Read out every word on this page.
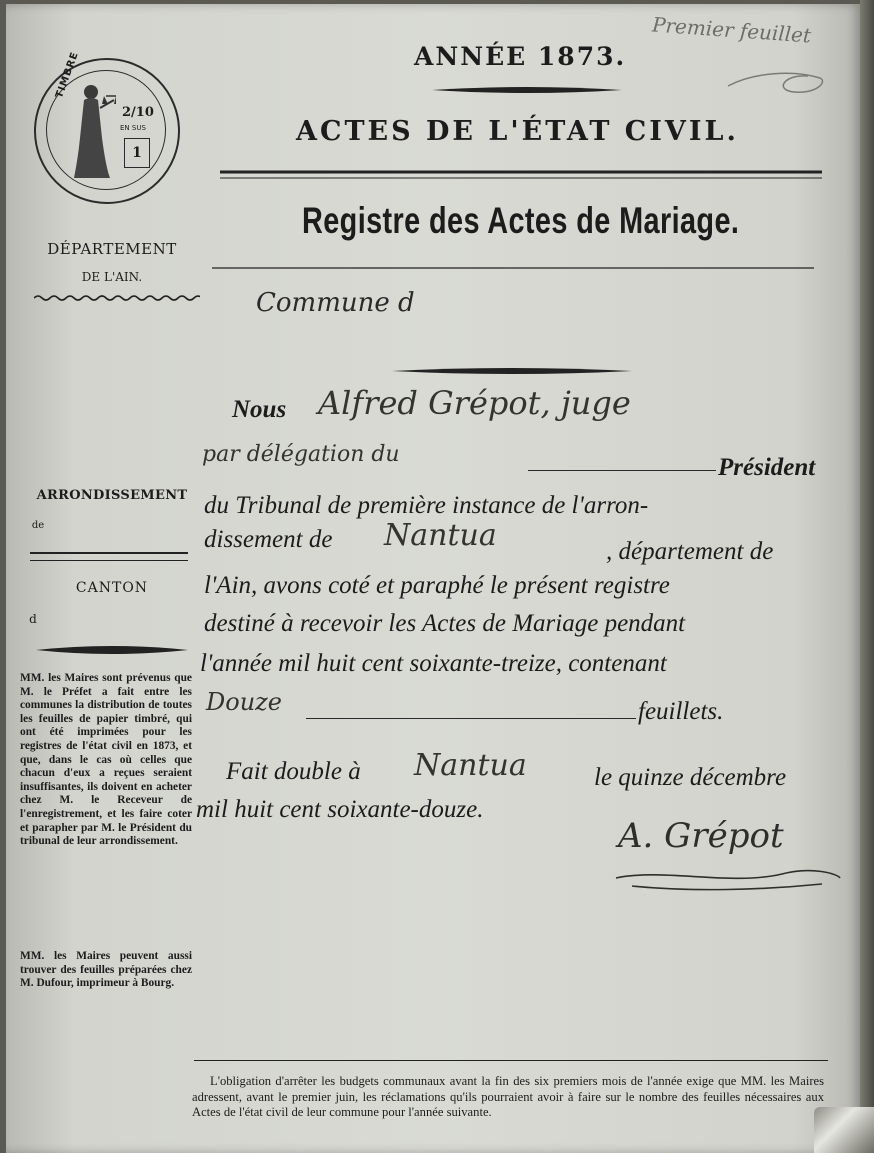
Premier feuillet
TIMBRE
2/10
EN SUS
1
DÉPARTEMENT
DE L'AIN.
ARRONDISSEMENT
de
CANTON
d
MM. les Maires sont prévenus que M. le Préfet a fait entre les communes la distribution de toutes les feuilles de papier timbré, qui ont été imprimées pour les registres de l'état civil en 1873, et que, dans le cas où celles que chacun d'eux a reçues seraient insuffisantes, ils doivent en acheter chez M. le Receveur de l'enregistrement, et les faire coter et parapher par M. le Président du tribunal de leur arrondissement.
MM. les Maires peuvent aussi trouver des feuilles préparées chez M. Dufour, imprimeur à Bourg.
ANNÉE 1873.
ACTES DE L'ÉTAT CIVIL.
Registre des Actes de Mariage.
Commune d
Nous Alfred Grépot, juge
par délégation du	Président
du Tribunal de première instance de l'arron-
dissement de Nantua	, département de
l'Ain, avons coté et paraphé le présent registre
destiné à recevoir les Actes de Mariage pendant
l'année mil huit cent soixante-treize, contenant
Douze	feuillets.
Fait double à Nantua	le quinze décembre
mil huit cent soixante-douze.
A. Grépot

L'obligation d'arrêter les budgets communaux avant la fin des six premiers mois de l'année exige que MM. les Maires adressent, avant le premier juin, les réclamations qu'ils pourraient avoir à faire sur le nombre des feuilles nécessaires aux Actes de l'état civil de leur commune pour l'année suivante.
